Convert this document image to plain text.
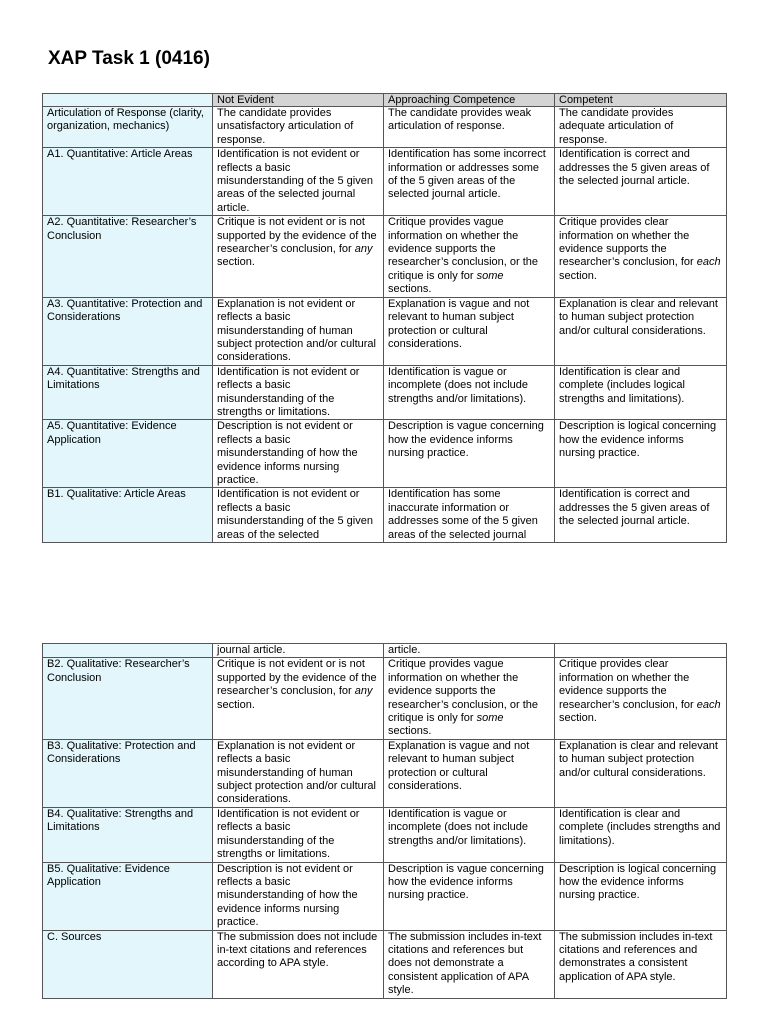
XAP Task 1 (0416)
	Not Evident	Approaching Competence	Competent
Articulation of Response (clarity, organization, mechanics)	The candidate provides unsatisfactory articulation of response.	The candidate provides weak articulation of response.	The candidate provides adequate articulation of response.
A1. Quantitative: Article Areas	Identification is not evident or reflects a basic misunderstanding of the 5 given areas of the selected journal article.	Identification has some incorrect information or addresses some of the 5 given areas of the selected journal article.	Identification is correct and addresses the 5 given areas of the selected journal article.
A2. Quantitative: Researcher’s Conclusion	Critique is not evident or is not supported by the evidence of the researcher’s conclusion, for any section.	Critique provides vague information on whether the evidence supports the researcher’s conclusion, or the critique is only for some sections.	Critique provides clear information on whether the evidence supports the researcher’s conclusion, for each section.
A3. Quantitative: Protection and Considerations	Explanation is not evident or reflects a basic misunderstanding of human subject protection and/or cultural considerations.	Explanation is vague and not relevant to human subject protection or cultural considerations.	Explanation is clear and relevant to human subject protection and/or cultural considerations.
A4. Quantitative: Strengths and Limitations	Identification is not evident or reflects a basic misunderstanding of the strengths or limitations.	Identification is vague or incomplete (does not include strengths and/or limitations).	Identification is clear and complete (includes logical strengths and limitations).
A5. Quantitative: Evidence Application	Description is not evident or reflects a basic misunderstanding of how the evidence informs nursing practice.	Description is vague concerning how the evidence informs nursing practice.	Description is logical concerning how the evidence informs nursing practice.
B1. Qualitative: Article Areas	Identification is not evident or reflects a basic misunderstanding of the 5 given areas of the selected	Identification has some inaccurate information or addresses some of the 5 given areas of the selected journal	Identification is correct and addresses the 5 given areas of the selected journal article.
	journal article.	article.	
B2. Qualitative: Researcher’s Conclusion	Critique is not evident or is not supported by the evidence of the researcher’s conclusion, for any section.	Critique provides vague information on whether the evidence supports the researcher’s conclusion, or the critique is only for some sections.	Critique provides clear information on whether the evidence supports the researcher’s conclusion, for each section.
B3. Qualitative: Protection and Considerations	Explanation is not evident or reflects a basic misunderstanding of human subject protection and/or cultural considerations.	Explanation is vague and not relevant to human subject protection or cultural considerations.	Explanation is clear and relevant to human subject protection and/or cultural considerations.
B4. Qualitative: Strengths and Limitations	Identification is not evident or reflects a basic misunderstanding of the strengths or limitations.	Identification is vague or incomplete (does not include strengths and/or limitations).	Identification is clear and complete (includes strengths and limitations).
B5. Qualitative: Evidence Application	Description is not evident or reflects a basic misunderstanding of how the evidence informs nursing practice.	Description is vague concerning how the evidence informs nursing practice.	Description is logical concerning how the evidence informs nursing practice.
C. Sources	The submission does not include in-text citations and references according to APA style.	The submission includes in-text citations and references but does not demonstrate a consistent application of APA style.	The submission includes in-text citations and references and demonstrates a consistent application of APA style.
